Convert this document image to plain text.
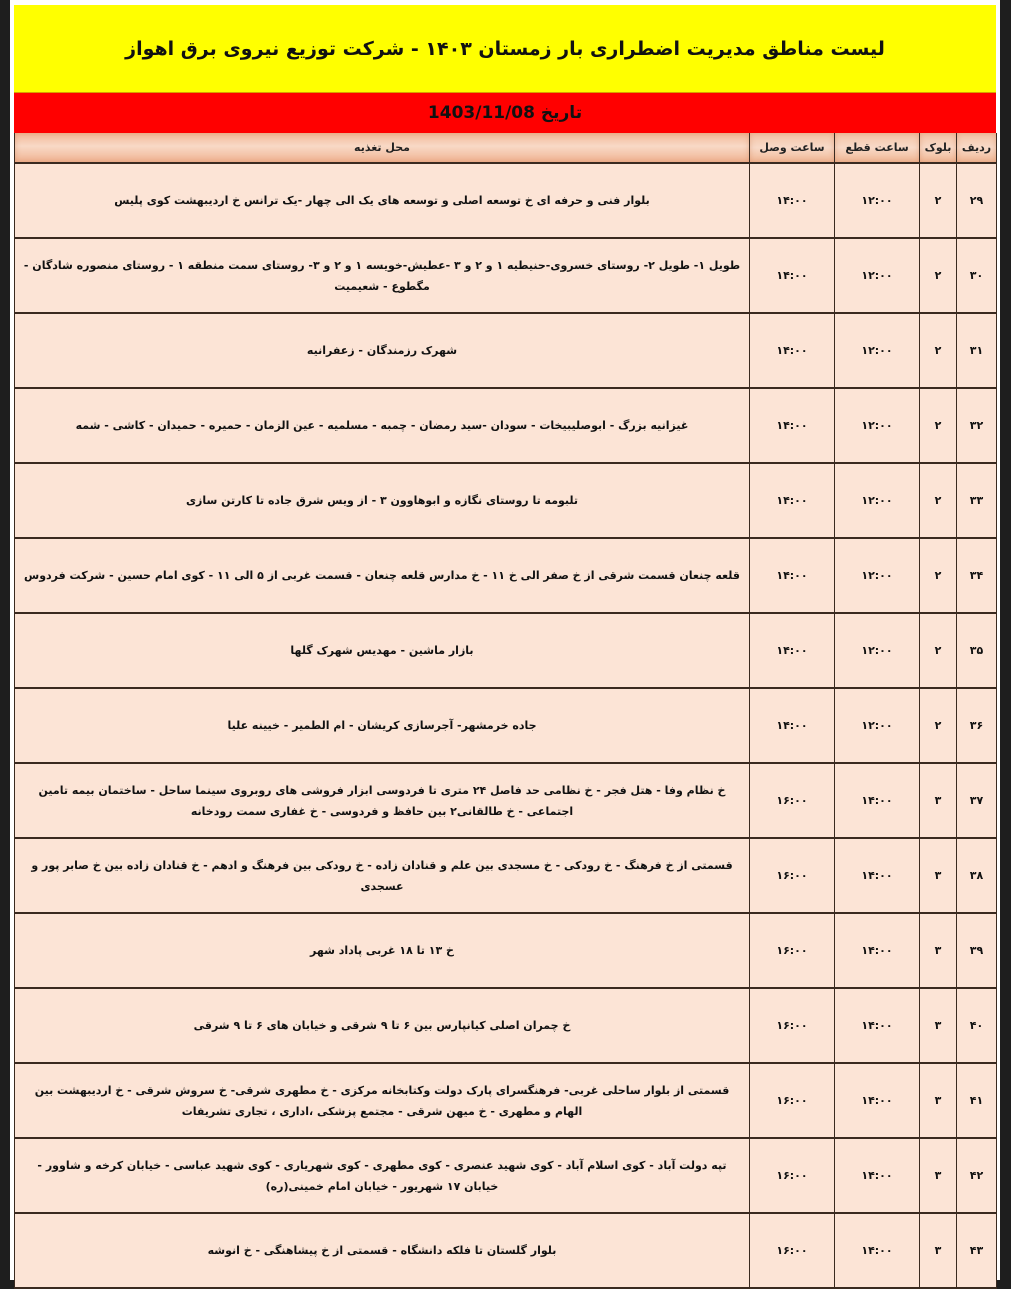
لیست مناطق مدیریت اضطراری بار زمستان ۱۴۰۳ - شرکت توزیع نیروی برق اهواز
تاریخ 1403/11/08
ردیف	بلوک	ساعت قطع	ساعت وصل	محل تغذیه
۲۹	۲	۱۲:۰۰	۱۴:۰۰	بلوار فنی و حرفه ای خ توسعه اصلی و توسعه های یک الی چهار -یک ترانس خ اردیبهشت کوی پلیس
۳۰	۲	۱۲:۰۰	۱۴:۰۰	طویل ۱- طویل ۲- روستای خسروی-حنیطیه ۱ و ۲ و ۳ -عطیش-خویسه ۱ و ۲ و ۳- روستای سمت منطقه ۱ - روستای منصوره شادگان - مگطوع - شعیمیت
۳۱	۲	۱۲:۰۰	۱۴:۰۰	شهرک رزمندگان - زعفرانیه
۳۲	۲	۱۲:۰۰	۱۴:۰۰	غیزانیه بزرگ - ابوصلیبیخات - سودان -سید رمضان - چمبه - مسلمیه - عین الزمان - حمیره - حمیدان - کاشی - شمه
۳۳	۲	۱۲:۰۰	۱۴:۰۰	تلبومه تا روستای نگازه و ابوهاوون ۳ - از ویس شرق جاده تا کارتن سازی
۳۴	۲	۱۲:۰۰	۱۴:۰۰	قلعه چنعان قسمت شرقی از خ صفر الی خ ۱۱ - خ مدارس قلعه چنعان - قسمت غربی از ۵ الی ۱۱ - کوی امام حسین - شرکت فردوس
۳۵	۲	۱۲:۰۰	۱۴:۰۰	بازار ماشین - مهدیس شهرک گلها
۳۶	۲	۱۲:۰۰	۱۴:۰۰	جاده خرمشهر- آجرسازی کریشان - ام الطمیر - خیینه علیا
۳۷	۳	۱۴:۰۰	۱۶:۰۰	خ نظام وفا - هتل فجر - خ نظامی حد فاصل ۲۴ متری تا فردوسی ابزار فروشی های روبروی سینما ساحل - ساختمان بیمه تامین اجتماعی - خ طالقانی۲ بین حافظ و فردوسی - خ غفاری سمت رودخانه
۳۸	۳	۱۴:۰۰	۱۶:۰۰	قسمتی از خ فرهنگ - خ رودکی - خ مسجدی بین علم و قنادان زاده - خ رودکی بین فرهنگ و ادهم - خ قنادان زاده بین خ صابر پور و عسجدی
۳۹	۳	۱۴:۰۰	۱۶:۰۰	خ ۱۳ تا ۱۸ غربی پاداد شهر
۴۰	۳	۱۴:۰۰	۱۶:۰۰	خ چمران اصلی کیانپارس بین ۶ تا ۹ شرقی و خیابان های ۶ تا ۹ شرقی
۴۱	۳	۱۴:۰۰	۱۶:۰۰	قسمتی از بلوار ساحلی غربی- فرهنگسرای پارک دولت وکتابخانه مرکزی - خ مطهری شرقی- خ سروش شرقی - خ اردیبهشت بین الهام و مطهری - خ میهن شرقی - مجتمع پزشکی ،اداری ، تجاری تشریفات
۴۲	۳	۱۴:۰۰	۱۶:۰۰	تپه دولت آباد - کوی اسلام آباد - کوی شهید عنصری - کوی مطهری - کوی شهریاری - کوی شهید عباسی - خیابان کرخه و شاوور - خیابان ۱۷ شهریور - خیابان امام خمینی(ره)
۴۳	۳	۱۴:۰۰	۱۶:۰۰	بلوار گلستان تا فلکه دانشگاه - قسمتی از خ پیشاهنگی - خ انوشه
